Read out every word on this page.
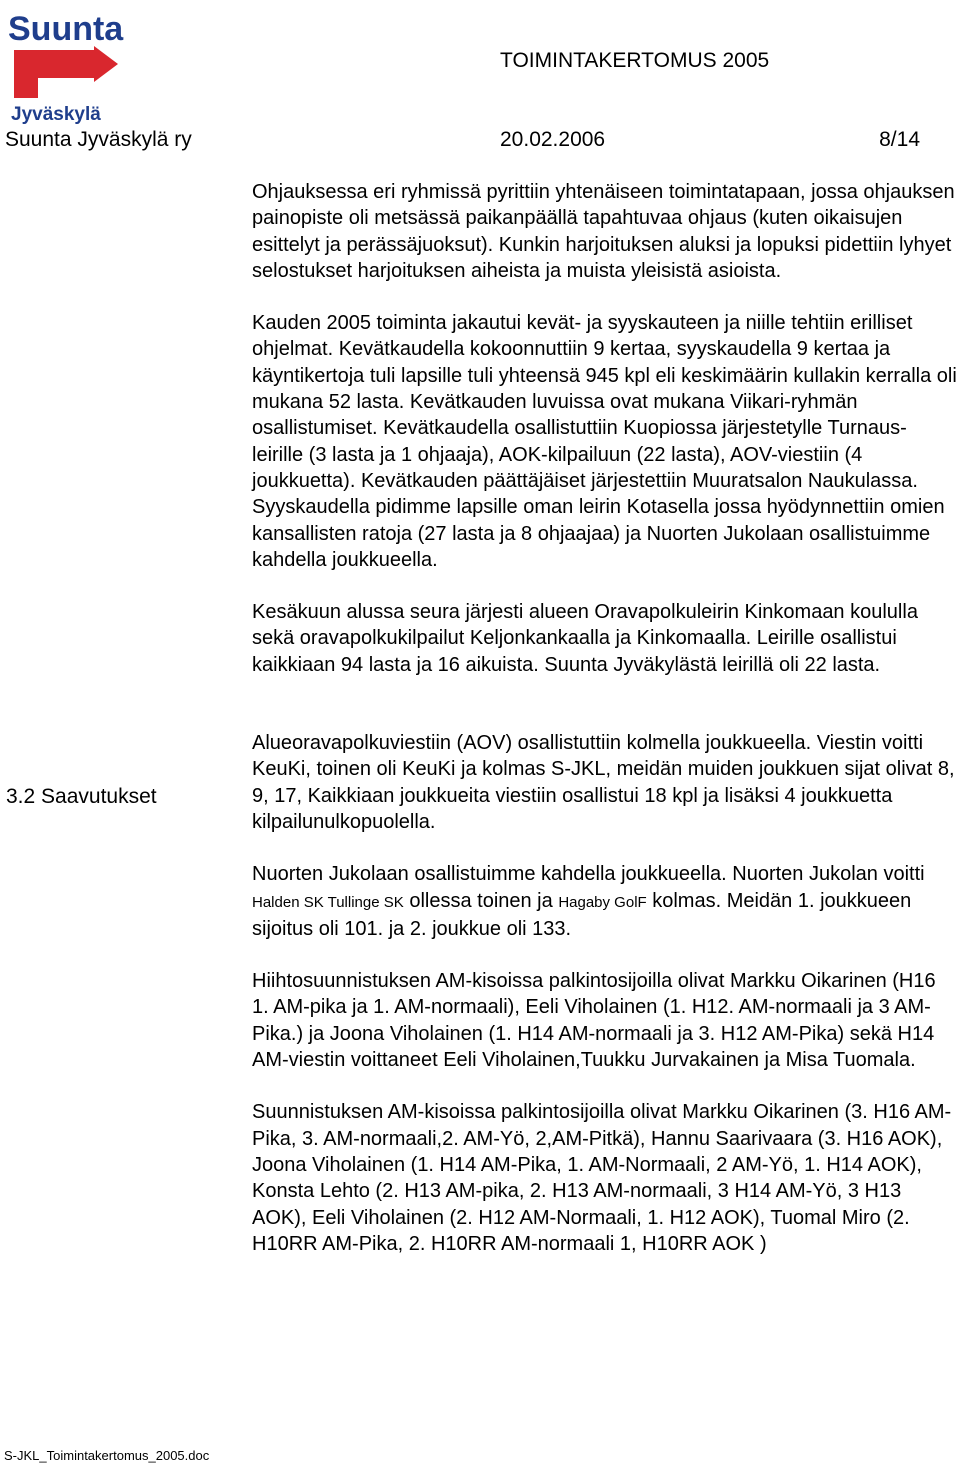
Suunta
Jyväskylä
TOIMINTAKERTOMUS 2005
Suunta Jyväskylä ry	20.02.2006	8/14
3.2 Saavutukset

Ohjauksessa eri ryhmissä pyrittiin yhtenäiseen toimintatapaan, jossa ohjauksen painopiste oli metsässä paikanpäällä tapahtuvaa ohjaus (kuten oikaisujen esittelyt ja perässäjuoksut). Kunkin harjoituksen aluksi ja lopuksi pidettiin lyhyet selostukset harjoituksen aiheista ja muista yleisistä asioista.

Kauden 2005 toiminta jakautui kevät- ja syyskauteen ja niille tehtiin erilliset ohjelmat. Kevätkaudella kokoonnuttiin 9 kertaa, syyskaudella 9 kertaa ja käyntikertoja tuli lapsille tuli yhteensä 945 kpl eli keskimäärin kullakin kerralla oli mukana 52 lasta. Kevätkauden luvuissa ovat mukana Viikari-ryhmän osallistumiset. Kevätkaudella osallistuttiin Kuopiossa järjestetylle Turnaus-leirille (3 lasta ja 1 ohjaaja), AOK-kilpailuun (22 lasta), AOV-viestiin (4 joukkuetta). Kevätkauden päättäjäiset järjestettiin Muuratsalon Naukulassa. Syyskaudella pidimme lapsille oman leirin Kotasella jossa hyödynnettiin omien kansallisten ratoja (27 lasta ja 8 ohjaajaa) ja Nuorten Jukolaan osallistuimme kahdella joukkueella.

Kesäkuun alussa seura järjesti alueen Oravapolkuleirin Kinkomaan koululla sekä oravapolkukilpailut Keljonkankaalla ja Kinkomaalla. Leirille osallistui kaikkiaan 94 lasta ja 16 aikuista. Suunta Jyväkylästä leirillä oli 22 lasta.

Alueoravapolkuviestiin (AOV) osallistuttiin kolmella joukkueella. Viestin voitti KeuKi, toinen oli KeuKi ja kolmas S-JKL, meidän muiden joukkuen sijat olivat 8, 9, 17, Kaikkiaan joukkueita viestiin osallistui 18 kpl ja lisäksi 4 joukkuetta kilpailunulkopuolella.

Nuorten Jukolaan osallistuimme kahdella joukkueella. Nuorten Jukolan voitti Halden SK Tullinge SK ollessa toinen ja Hagaby GolF kolmas. Meidän 1. joukkueen sijoitus oli 101. ja 2. joukkue oli 133.

Hiihtosuunnistuksen AM-kisoissa palkintosijoilla olivat Markku Oikarinen (H16 1. AM-pika ja 1. AM-normaali), Eeli Viholainen (1. H12. AM-normaali ja 3 AM- Pika.) ja Joona Viholainen (1. H14 AM-normaali ja 3. H12 AM-Pika) sekä H14 AM-viestin voittaneet Eeli Viholainen,Tuukku Jurvakainen ja Misa Tuomala.

Suunnistuksen AM-kisoissa palkintosijoilla olivat Markku Oikarinen (3. H16 AM-Pika, 3. AM-normaali,2. AM-Yö, 2,AM-Pitkä), Hannu Saarivaara (3. H16 AOK), Joona Viholainen (1. H14 AM-Pika, 1. AM-Normaali, 2 AM-Yö, 1. H14 AOK), Konsta Lehto (2. H13 AM-pika, 2. H13 AM-normaali, 3 H14 AM-Yö, 3 H13 AOK), Eeli Viholainen (2. H12 AM-Normaali, 1. H12 AOK), Tuomal Miro (2. H10RR AM-Pika, 2. H10RR AM-normaali 1, H10RR AOK )

S-JKL_Toimintakertomus_2005.doc
